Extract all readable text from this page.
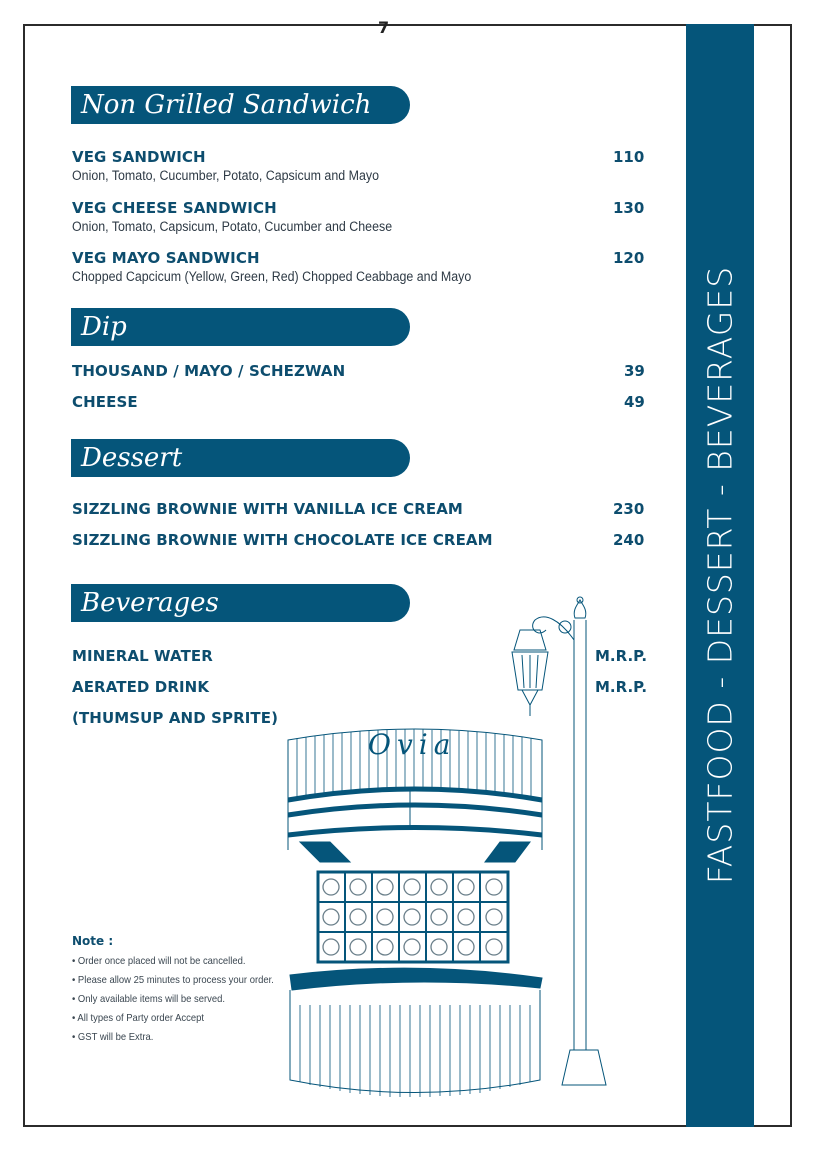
7
FASTFOOD - DESSERT - BEVERAGES
Non Grilled Sandwich
VEG SANDWICH	110
Onion, Tomato, Cucumber, Potato, Capsicum and Mayo
VEG CHEESE SANDWICH	130
Onion, Tomato, Capsicum, Potato, Cucumber and Cheese
VEG MAYO SANDWICH	120
Chopped Capcicum (Yellow, Green, Red) Chopped Ceabbage and Mayo
Dip
THOUSAND / MAYO / SCHEZWAN	39
CHEESE	49
Dessert
SIZZLING BROWNIE WITH VANILLA ICE CREAM	230
SIZZLING BROWNIE WITH CHOCOLATE ICE CREAM	240
Beverages
Ovia
MINERAL WATER	M.R.P.
AERATED DRINK	M.R.P.
(THUMSUP AND SPRITE)
Note :
• Order once placed will not be cancelled.
• Please allow 25 minutes to process your order.
• Only available items will be served.
• All types of Party order Accept
• GST will be Extra.
